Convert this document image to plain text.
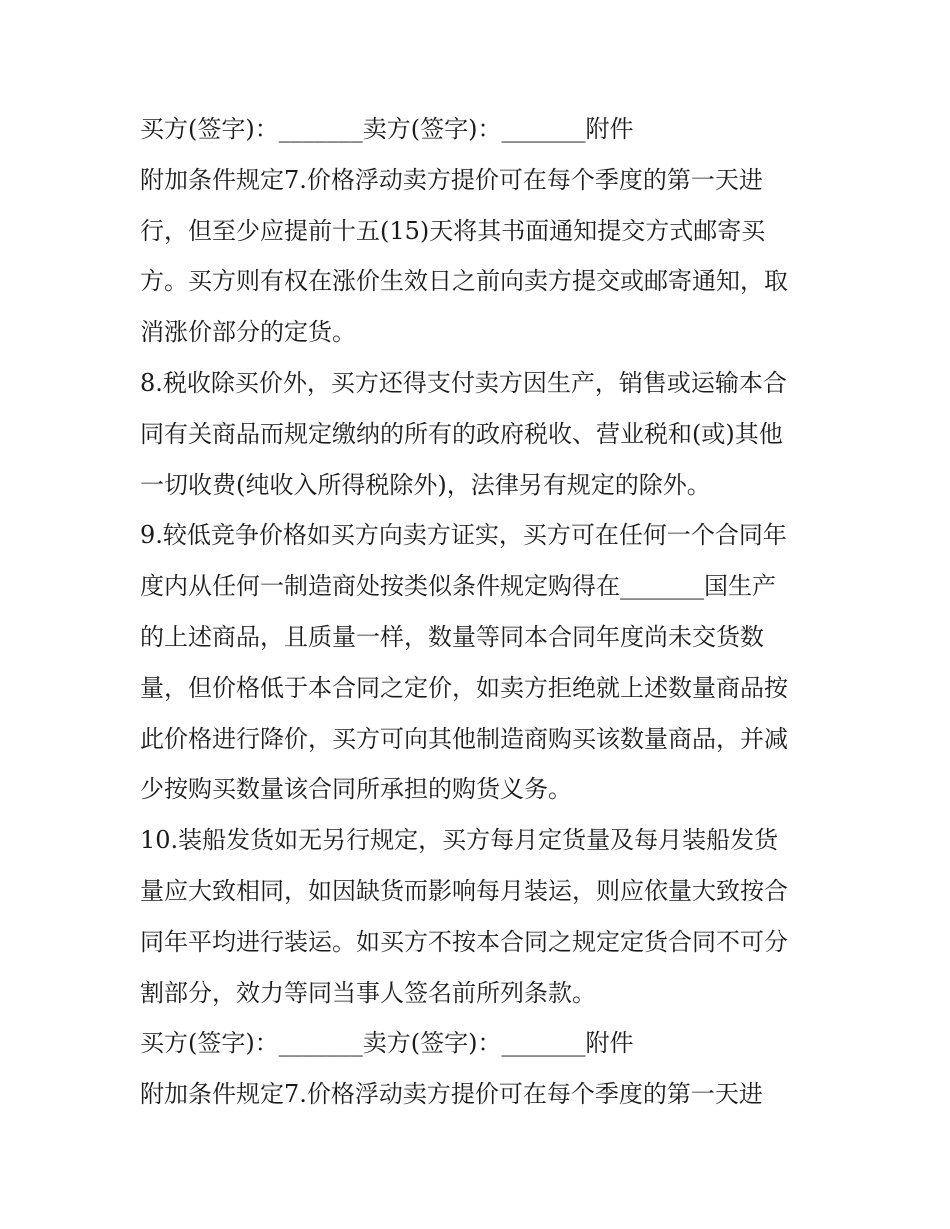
买方(签字)：_______卖方(签字)：_______附件
附加条件规定7.价格浮动卖方提价可在每个季度的第一天进
行，但至少应提前十五(15)天将其书面通知提交方式邮寄买
方。买方则有权在涨价生效日之前向卖方提交或邮寄通知，取
消涨价部分的定货。
8.税收除买价外，买方还得支付卖方因生产，销售或运输本合
同有关商品而规定缴纳的所有的政府税收、营业税和(或)其他
一切收费(纯收入所得税除外)，法律另有规定的除外。
9.较低竞争价格如买方向卖方证实，买方可在任何一个合同年
度内从任何一制造商处按类似条件规定购得在_______国生产
的上述商品，且质量一样，数量等同本合同年度尚未交货数
量，但价格低于本合同之定价，如卖方拒绝就上述数量商品按
此价格进行降价，买方可向其他制造商购买该数量商品，并减
少按购买数量该合同所承担的购货义务。
10.装船发货如无另行规定，买方每月定货量及每月装船发货
量应大致相同，如因缺货而影响每月装运，则应依量大致按合
同年平均进行装运。如买方不按本合同之规定定货合同不可分
割部分，效力等同当事人签名前所列条款。
买方(签字)：_______卖方(签字)：_______附件
附加条件规定7.价格浮动卖方提价可在每个季度的第一天进
